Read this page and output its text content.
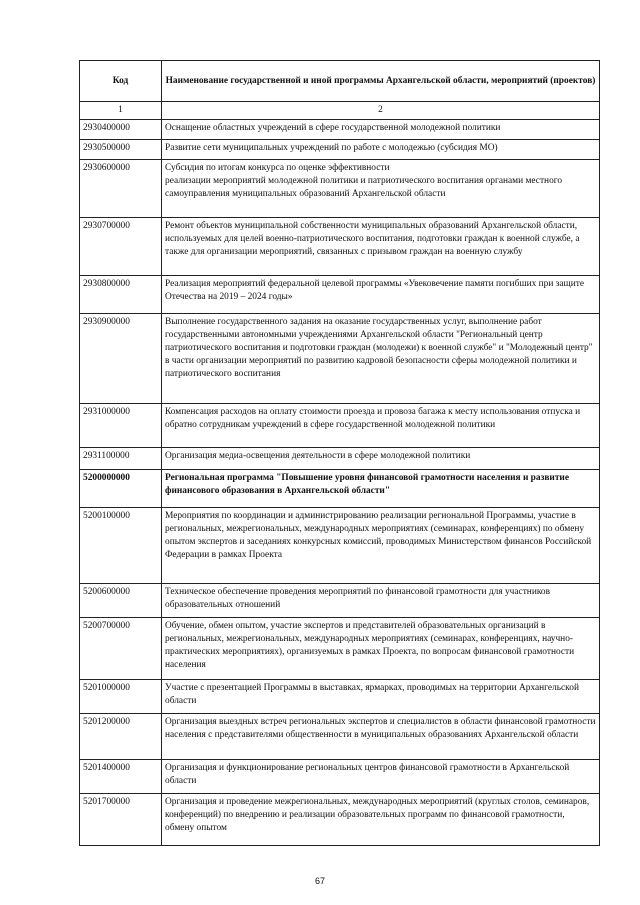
Код	Наименование государственной и иной программы Архангельской области, мероприятий (проектов)
1	2
2930400000	Оснащение областных учреждений в сфере государственной молодежной политики
2930500000	Развитие сети муниципальных учреждений по работе с молодежью (субсидия МО)
2930600000	Субсидия по итогам конкурса по оценке эффективности
реализации мероприятий молодежной политики и патриотического воспитания органами местного самоуправления муниципальных образований Архангельской области
2930700000	Ремонт объектов муниципальной собственности муниципальных образований Архангельской области, используемых для целей военно-патриотического воспитания, подготовки граждан к военной службе, а также для организации мероприятий, связанных с призывом граждан на военную службу
2930800000	Реализация мероприятий федеральной целевой программы «Увековечение памяти погибших при защите Отечества на 2019 – 2024 годы»
2930900000	Выполнение государственного задания на оказание государственных услуг, выполнение работ государственными автономными учреждениями Архангельской области "Региональный центр патриотического воспитания и подготовки граждан (молодежи) к военной службе" и "Молодежный центр" в части организации мероприятий по развитию кадровой безопасности сферы молодежной политики и патриотического воспитания
2931000000	Компенсация расходов на оплату стоимости проезда и провоза багажа к месту использования отпуска и обратно сотрудникам учреждений в сфере государственной молодежной политики
2931100000	Организация медиа-освещения деятельности в сфере молодежной политики
5200000000	Региональная программа "Повышение уровня финансовой грамотности населения и развитие финансового образования в Архангельской области"
5200100000	Мероприятия по координации и администрированию реализации региональной Программы, участие в региональных, межрегиональных, международных мероприятиях (семинарах, конференциях) по обмену опытом экспертов и заседаниях конкурсных комиссий, проводимых Министерством финансов Российской Федерации в рамках Проекта
5200600000	Техническое обеспечение проведения мероприятий по финансовой грамотности для участников образовательных отношений
5200700000	Обучение, обмен опытом, участие экспертов и представителей образовательных организаций в региональных, межрегиональных, международных мероприятиях (семинарах, конференциях, научно-практических мероприятиях), организуемых в рамках Проекта, по вопросам финансовой грамотности населения
5201000000	Участие с презентацией Программы в выставках, ярмарках, проводимых на территории Архангельской области
5201200000	Организация выездных встреч региональных экспертов и специалистов в области финансовой грамотности населения с представителями общественности в муниципальных образованиях Архангельской области
5201400000	Организация и функционирование региональных центров финансовой грамотности в Архангельской области
5201700000	Организация и проведение межрегиональных, международных мероприятий (круглых столов, семинаров, конференций) по внедрению и реализации образовательных программ по финансовой грамотности, обмену опытом
67
